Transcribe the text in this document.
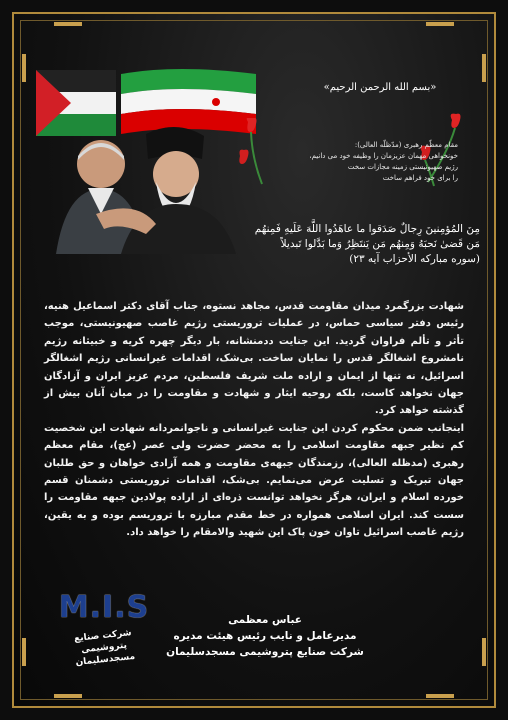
«بسم الله الرحمن الرحیم»
مقام معظّم رهبری (مدّظلّه العالی):
خونخواهی مهمان عزیزمان را وظیفه خود می دانیم،
رژیم صهیونیستی زمینه مجازات سخت
را برای خود فراهم ساخت
مِنَ المُؤمِنینَ رِجالٌ صَدَقوا ما عاهَدُوا اللَّهَ عَلَیهِ فَمِنهُم
مَن قَضىٰ نَحبَهُ وَمِنهُم مَن یَنتَظِرُ وَما بَدَّلوا تَبدیلاً
(سوره مبارکه الأحزاب آیه ۲۳)

شهادت بزرگمرد میدان مقاومت قدس، مجاهد نستوه، جناب آقای دکتر اسماعیل هنیه، رئیس دفتر سیاسی حماس، در عملیات تروریستی رژیم غاصب صهیونیستی، موجب تأثر و تألم فراوان گردید. این جنایت ددمنشانه، بار دیگر چهره کریه و خبیثانه رژیم نامشروع اشغالگر قدس را نمایان ساخت. بی‌شک، اقدامات غیرانسانی رژیم اشغالگر اسرائیل، نه تنها از ایمان و اراده ملت شریف فلسطین، مردم عزیز ایران و آزادگان جهان نخواهد کاست، بلکه روحیه ایثار و شهادت و مقاومت را در میان آنان بیش از گذشته خواهد کرد.

اینجانب ضمن محکوم کردن این جنایت غیرانسانی و ناجوانمردانه شهادت این شخصیت کم نظیر جبهه مقاومت اسلامی را به محضر حضرت ولی عصر (عج)، مقام معظم رهبری (مدظله العالی)، رزمندگان جبهه‌ی مقاومت و همه آزادی خواهان و حق طلبان جهان تبریک و تسلیت عرض می‌نمایم. بی‌شک، اقدامات تروریستی دشمنان قسم خورده اسلام و ایران، هرگز نخواهد توانست ذره‌ای از اراده پولادین جبهه مقاومت را سست کند. ایران اسلامی همواره در خط مقدم مبارزه با تروریسم بوده و به یقین، رژیم غاصب اسرائیل تاوان خون پاک این شهید والامقام را خواهد داد.

M.I.S
شرکت صنایع پتروشیمی مسجدسلیمان
عباس معظمی
مدیرعامل و نایب رئیس هیئت مدیره
شرکت صنایع پتروشیمی مسجدسلیمان
